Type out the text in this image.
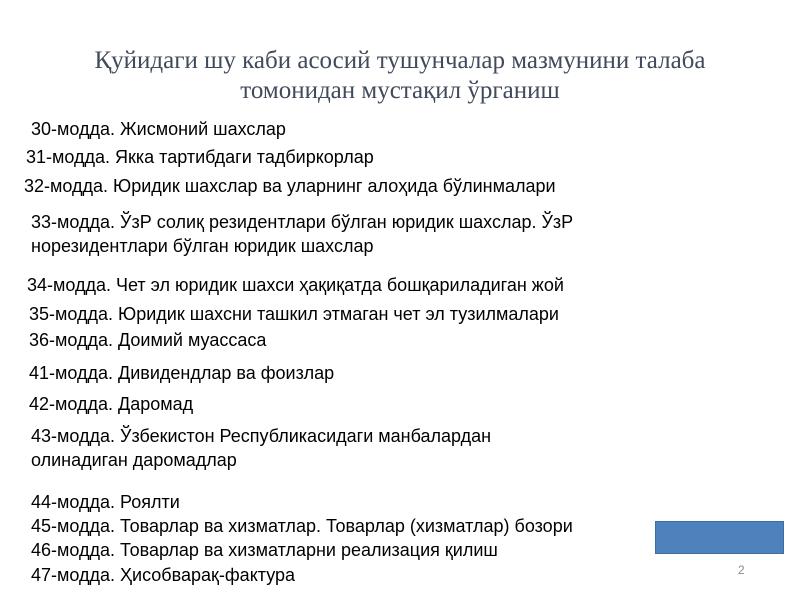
Қуйидаги шу каби асосий тушунчалар мазмунини талаба
томонидан мустақил ўрганиш
30-модда. Жисмоний шахслар
31-модда. Якка тартибдаги тадбиркорлар
32-модда. Юридик шахслар ва уларнинг алоҳида бўлинмалари
33-модда. ЎзР солиқ резидентлари бўлган юридик шахслар. ЎзР
норезидентлари бўлган юридик шахслар
34-модда. Чет эл юридик шахси ҳақиқатда бошқариладиган жой
35-модда. Юридик шахсни ташкил этмаган чет эл тузилмалари
36-модда. Доимий муассаса
41-модда. Дивидендлар ва фоизлар
42-модда. Даромад
43-модда. Ўзбекистон Республикасидаги манбалардан
олинадиган даромадлар
44-модда. Роялти
45-модда. Товарлар ва хизматлар. Товарлар (хизматлар) бозори
46-модда. Товарлар ва хизматларни реализация қилиш
47-модда. Ҳисобварақ-фактура	2
